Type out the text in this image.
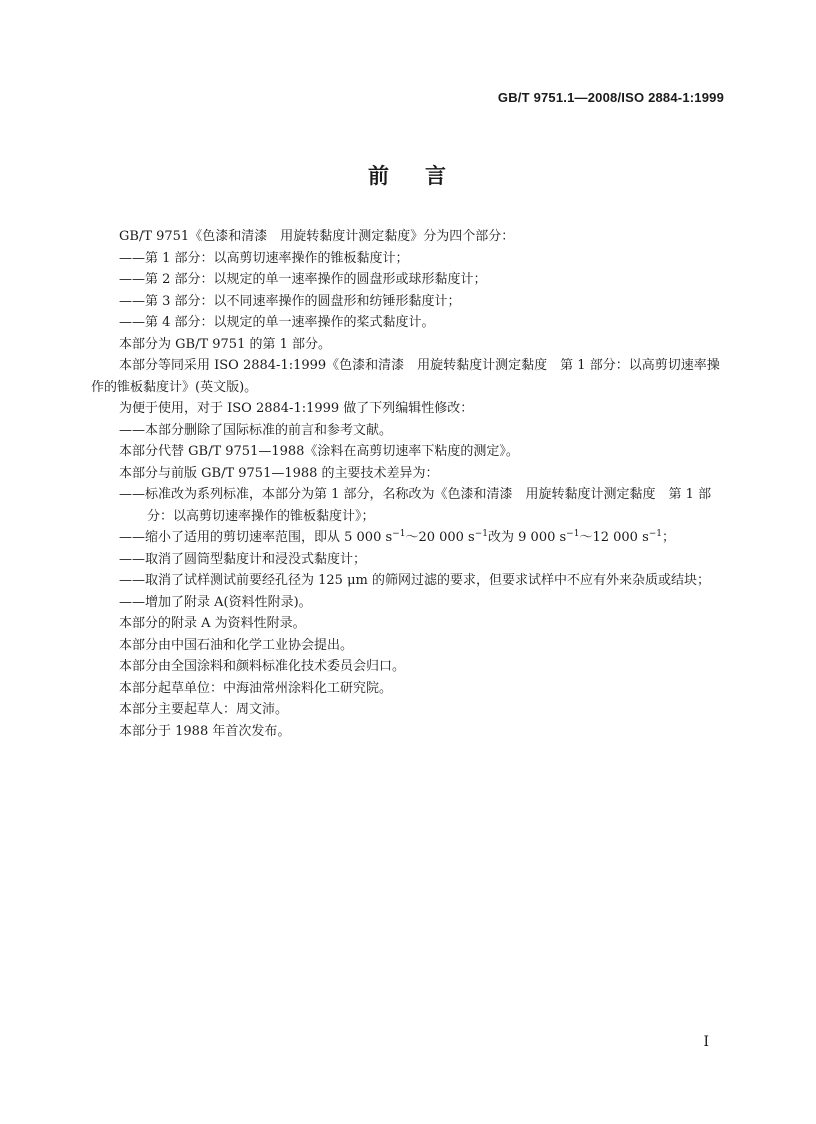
GB/T 9751.1—2008/ISO 2884-1:1999
前 言

GB/T 9751《色漆和清漆　用旋转黏度计测定黏度》分为四个部分：

——第 1 部分：以高剪切速率操作的锥板黏度计；

——第 2 部分：以规定的单一速率操作的圆盘形或球形黏度计；

——第 3 部分：以不同速率操作的圆盘形和纺锤形黏度计；

——第 4 部分：以规定的单一速率操作的桨式黏度计。

本部分为 GB/T 9751 的第 1 部分。

本部分等同采用 ISO 2884-1:1999《色漆和清漆　用旋转黏度计测定黏度　第 1 部分：以高剪切速率操作的锥板黏度计》(英文版)。

为便于使用，对于 ISO 2884-1:1999 做了下列编辑性修改：

——本部分删除了国际标准的前言和参考文献。

本部分代替 GB/T 9751—1988《涂料在高剪切速率下粘度的测定》。

本部分与前版 GB/T 9751—1988 的主要技术差异为：

——标准改为系列标准，本部分为第 1 部分，名称改为《色漆和清漆　用旋转黏度计测定黏度　第 1 部分：以高剪切速率操作的锥板黏度计》；

——缩小了适用的剪切速率范围，即从 5 000 $s^{-1}\sim 20$ 000 $s^{-1}$改为 9 000 $s^{-1}\sim 12$ 000 $s^{-1}$；

——取消了圆筒型黏度计和浸没式黏度计；

——取消了试样测试前要经孔径为 125 μm 的筛网过滤的要求，但要求试样中不应有外来杂质或结块；

——增加了附录 A(资料性附录)。

本部分的附录 A 为资料性附录。

本部分由中国石油和化学工业协会提出。

本部分由全国涂料和颜料标准化技术委员会归口。

本部分起草单位：中海油常州涂料化工研究院。

本部分主要起草人：周文沛。

本部分于 1988 年首次发布。

I
